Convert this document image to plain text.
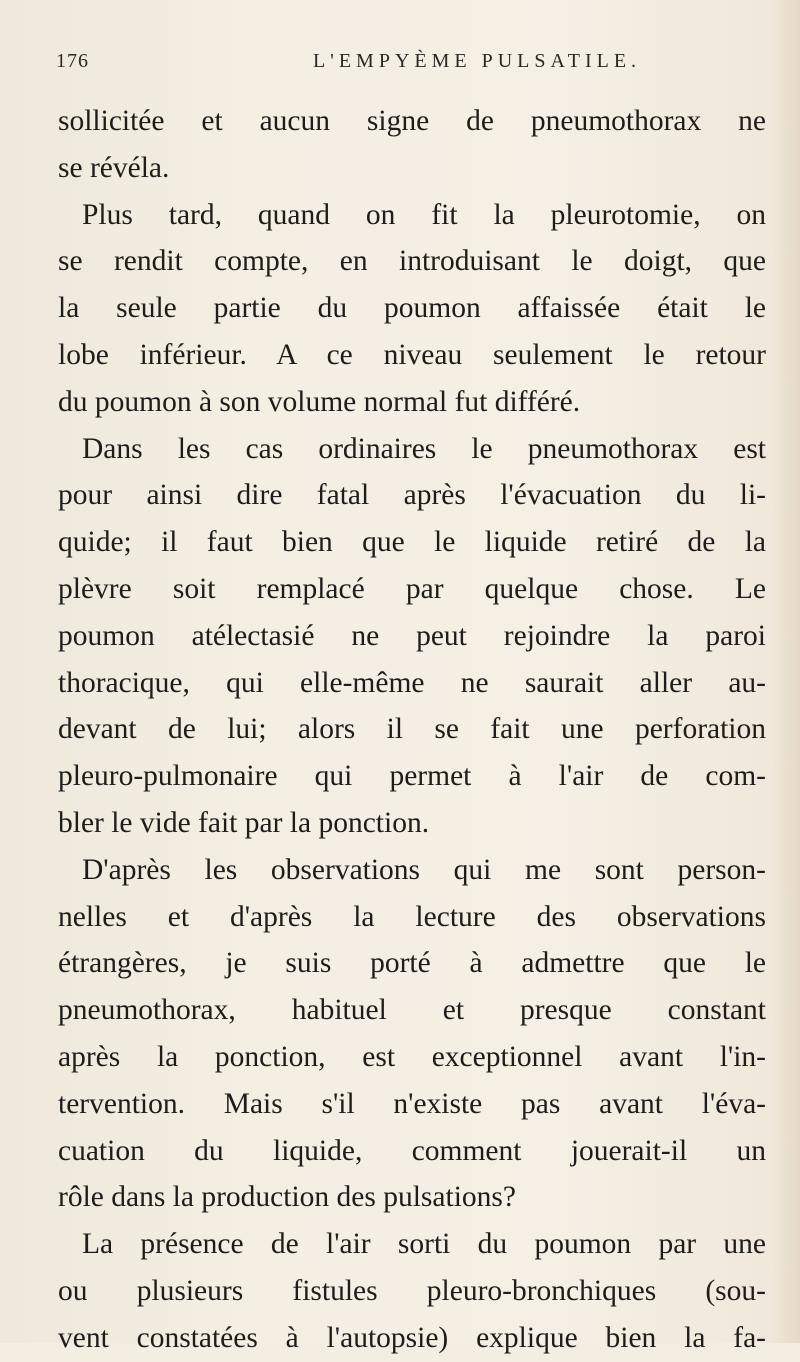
176	L'EMPYÈME PULSATILE.
sollicitée et aucun signe de pneumothorax ne
se révéla.
Plus tard, quand on fit la pleurotomie, on
se rendit compte, en introduisant le doigt, que
la seule partie du poumon affaissée était le
lobe inférieur. A ce niveau seulement le retour
du poumon à son volume normal fut différé.
Dans les cas ordinaires le pneumothorax est
pour ainsi dire fatal après l'évacuation du li-
quide; il faut bien que le liquide retiré de la
plèvre soit remplacé par quelque chose. Le
poumon atélectasié ne peut rejoindre la paroi
thoracique, qui elle-même ne saurait aller au-
devant de lui; alors il se fait une perforation
pleuro-pulmonaire qui permet à l'air de com-
bler le vide fait par la ponction.
D'après les observations qui me sont person-
nelles et d'après la lecture des observations
étrangères, je suis porté à admettre que le
pneumothorax, habituel et presque constant
après la ponction, est exceptionnel avant l'in-
tervention. Mais s'il n'existe pas avant l'éva-
cuation du liquide, comment jouerait-il un
rôle dans la production des pulsations?
La présence de l'air sorti du poumon par une
ou plusieurs fistules pleuro-bronchiques (sou-
vent constatées à l'autopsie) explique bien la fa-
